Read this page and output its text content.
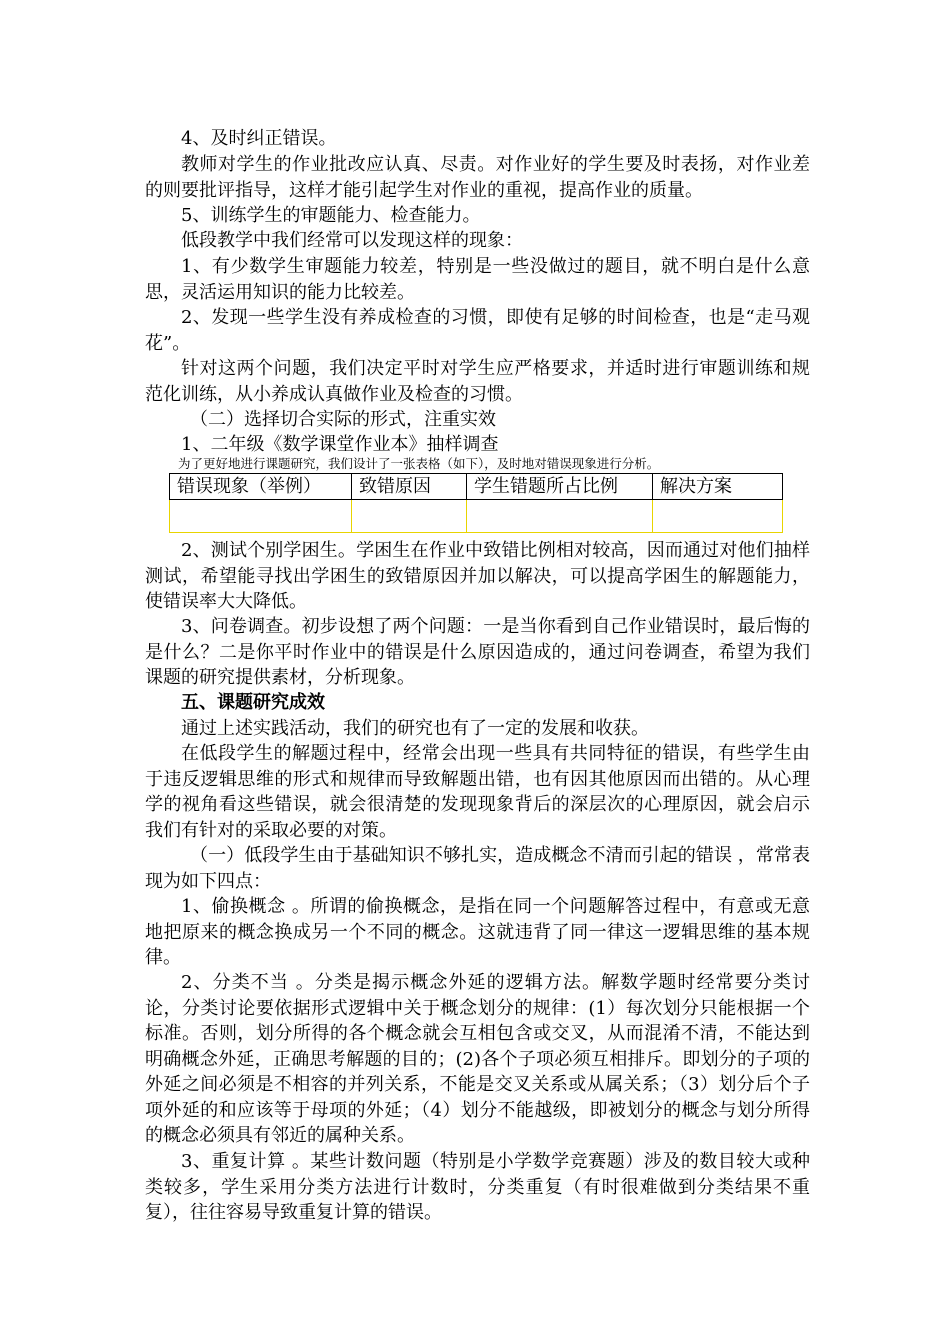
4、及时纠正错误。

教师对学生的作业批改应认真、尽责。对作业好的学生要及时表扬，对作业差的则要批评指导，这样才能引起学生对作业的重视，提高作业的质量。

5、训练学生的审题能力、检查能力。

低段教学中我们经常可以发现这样的现象：

1、有少数学生审题能力较差，特别是一些没做过的题目，就不明白是什么意思，灵活运用知识的能力比较差。

2、发现一些学生没有养成检查的习惯，即使有足够的时间检查，也是“走马观花”。

针对这两个问题，我们决定平时对学生应严格要求，并适时进行审题训练和规范化训练，从小养成认真做作业及检查的习惯。

（二）选择切合实际的形式，注重实效

1、二年级《数学课堂作业本》抽样调查

为了更好地进行课题研究，我们设计了一张表格（如下），及时地对错误现象进行分析。

错误现象（举例）	致错原因	学生错题所占比例	解决方案

2、测试个别学困生。学困生在作业中致错比例相对较高，因而通过对他们抽样测试，希望能寻找出学困生的致错原因并加以解决，可以提高学困生的解题能力，使错误率大大降低。

3、问卷调查。初步设想了两个问题：一是当你看到自己作业错误时，最后悔的是什么？二是你平时作业中的错误是什么原因造成的，通过问卷调查，希望为我们课题的研究提供素材，分析现象。

五、课题研究成效

通过上述实践活动，我们的研究也有了一定的发展和收获。

在低段学生的解题过程中，经常会出现一些具有共同特征的错误，有些学生由于违反逻辑思维的形式和规律而导致解题出错，也有因其他原因而出错的。从心理学的视角看这些错误，就会很清楚的发现现象背后的深层次的心理原因，就会启示我们有针对的采取必要的对策。

（一）低段学生由于基础知识不够扎实，造成概念不清而引起的错误 ，常常表现为如下四点：

1、偷换概念 。所谓的偷换概念，是指在同一个问题解答过程中，有意或无意地把原来的概念换成另一个不同的概念。这就违背了同一律这一逻辑思维的基本规律。

2、分类不当 。分类是揭示概念外延的逻辑方法。解数学题时经常要分类讨论，分类讨论要依据形式逻辑中关于概念划分的规律：(1）每次划分只能根据一个标准。否则，划分所得的各个概念就会互相包含或交叉，从而混淆不清，不能达到明确概念外延，正确思考解题的目的；(2)各个子项必须互相排斥。即划分的子项的外延之间必须是不相容的并列关系，不能是交叉关系或从属关系；（3）划分后个子项外延的和应该等于母项的外延；（4）划分不能越级，即被划分的概念与划分所得的概念必须具有邻近的属种关系。

3、重复计算 。某些计数问题（特别是小学数学竞赛题）涉及的数目较大或种类较多，学生采用分类方法进行计数时，分类重复（有时很难做到分类结果不重复），往往容易导致重复计算的错误。
